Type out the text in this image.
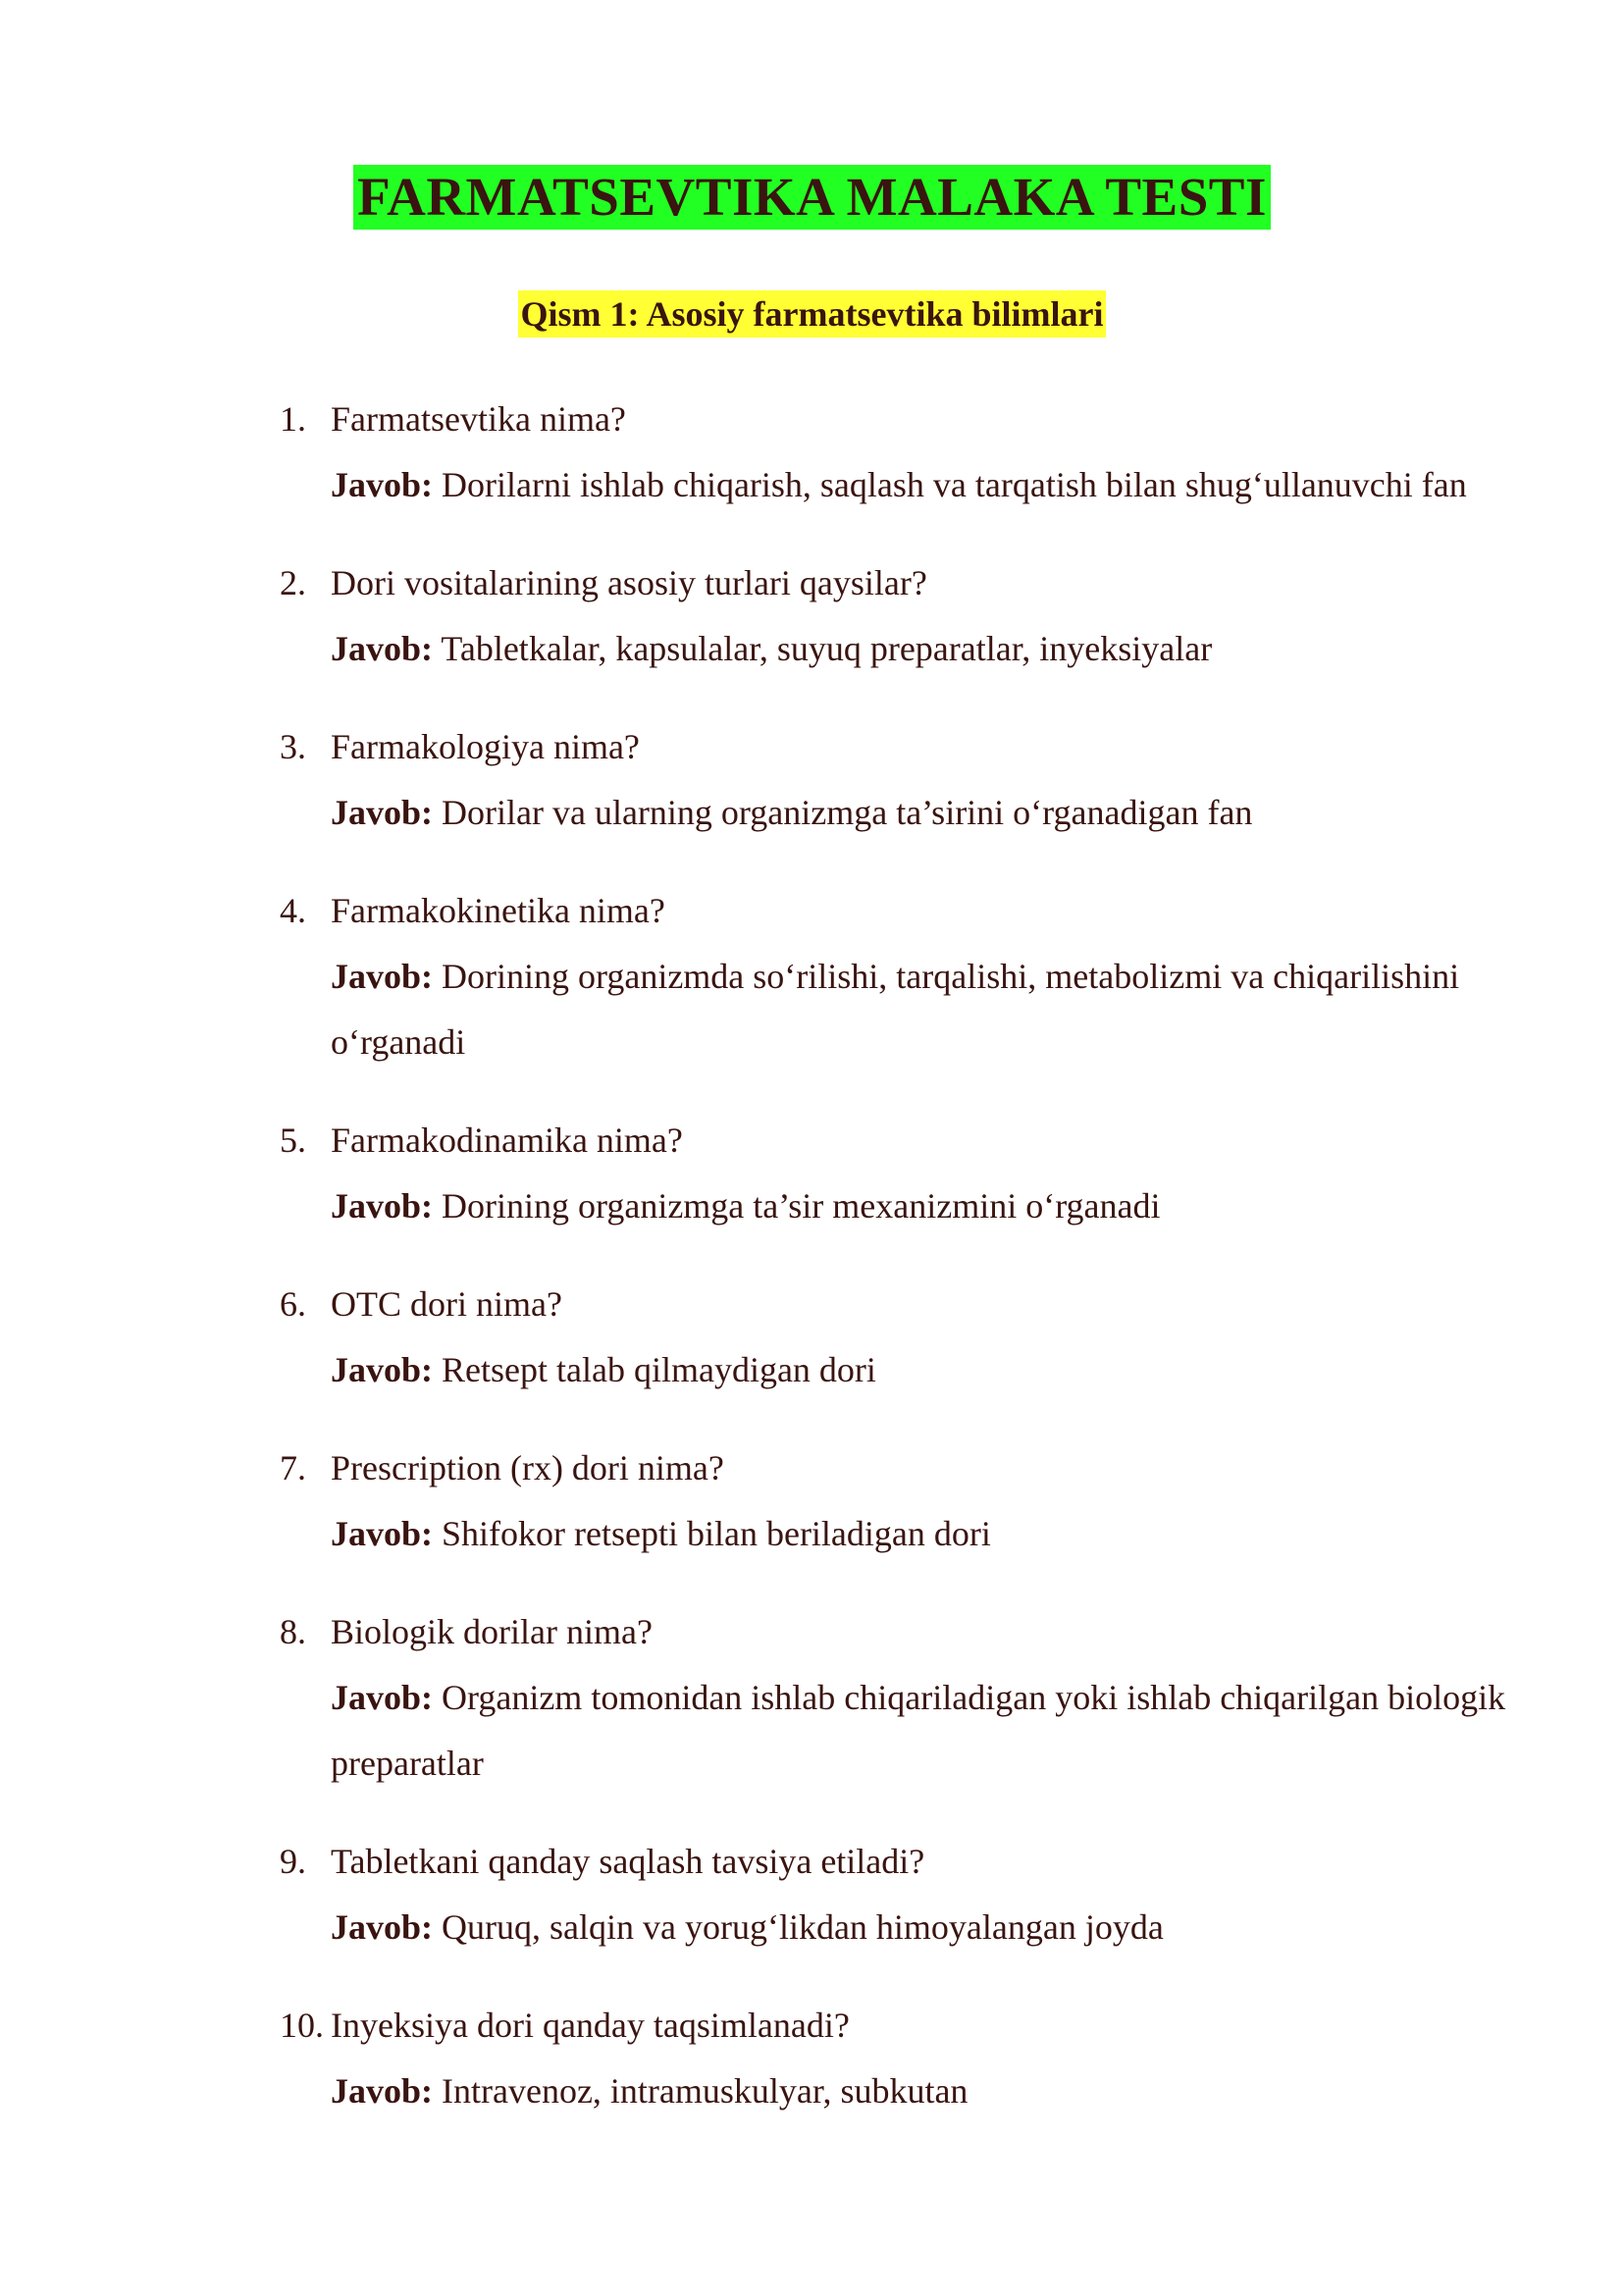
FARMATSEVTIKA MALAKA TESTI
Qism 1: Asosiy farmatsevtika bilimlari
1. Farmatsevtika nima?
Javob: Dorilarni ishlab chiqarish, saqlash va tarqatish bilan shug‘ullanuvchi fan
2. Dori vositalarining asosiy turlari qaysilar?
Javob: Tabletkalar, kapsulalar, suyuq preparatlar, inyeksiyalar
3. Farmakologiya nima?
Javob: Dorilar va ularning organizmga ta’sirini o‘rganadigan fan
4. Farmakokinetika nima?
Javob: Dorining organizmda so‘rilishi, tarqalishi, metabolizmi va chiqarilishini o‘rganadi
5. Farmakodinamika nima?
Javob: Dorining organizmga ta’sir mexanizmini o‘rganadi
6. OTC dori nima?
Javob: Retsept talab qilmaydigan dori
7. Prescription (rx) dori nima?
Javob: Shifokor retsepti bilan beriladigan dori
8. Biologik dorilar nima?
Javob: Organizm tomonidan ishlab chiqariladigan yoki ishlab chiqarilgan biologik preparatlar
9. Tabletkani qanday saqlash tavsiya etiladi?
Javob: Quruq, salqin va yorug‘likdan himoyalangan joyda
10. Inyeksiya dori qanday taqsimlanadi?
Javob: Intravenoz, intramuskulyar, subkutan
